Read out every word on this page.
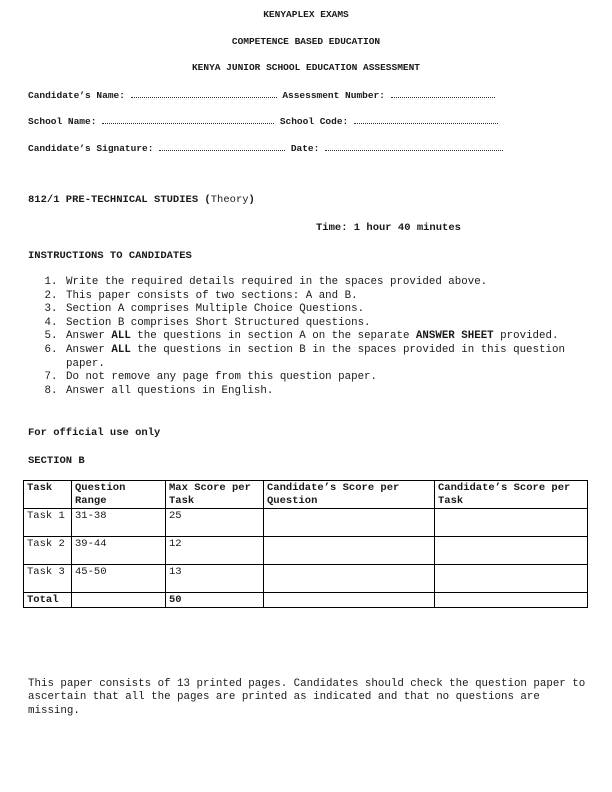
KENYAPLEX EXAMS
COMPETENCE BASED EDUCATION
KENYA JUNIOR SCHOOL EDUCATION ASSESSMENT
Candidate’s Name:	Assessment Number:
School Name:	School Code:
Candidate’s Signature:	Date:
812/1 PRE-TECHNICAL STUDIES (Theory)
Time: 1 hour 40 minutes
INSTRUCTIONS TO CANDIDATES
1. Write the required details required in the spaces provided above.
2. This paper consists of two sections: A and B.
3. Section A comprises Multiple Choice Questions.
4. Section B comprises Short Structured questions.
5. Answer ALL the questions in section A on the separate ANSWER SHEET provided.
6. Answer ALL the questions in section B in the spaces provided in this question paper.
7. Do not remove any page from this question paper.
8. Answer all questions in English.
For official use only
SECTION B
Task	Question Range	Max Score per Task	Candidate’s Score per Question	Candidate’s Score per Task
Task 1	31-38	25		
Task 2	39-44	12		
Task 3	45-50	13		
Total		50		
This paper consists of 13 printed pages. Candidates should check the question paper to ascertain that all the pages are printed as indicated and that no questions are missing.
